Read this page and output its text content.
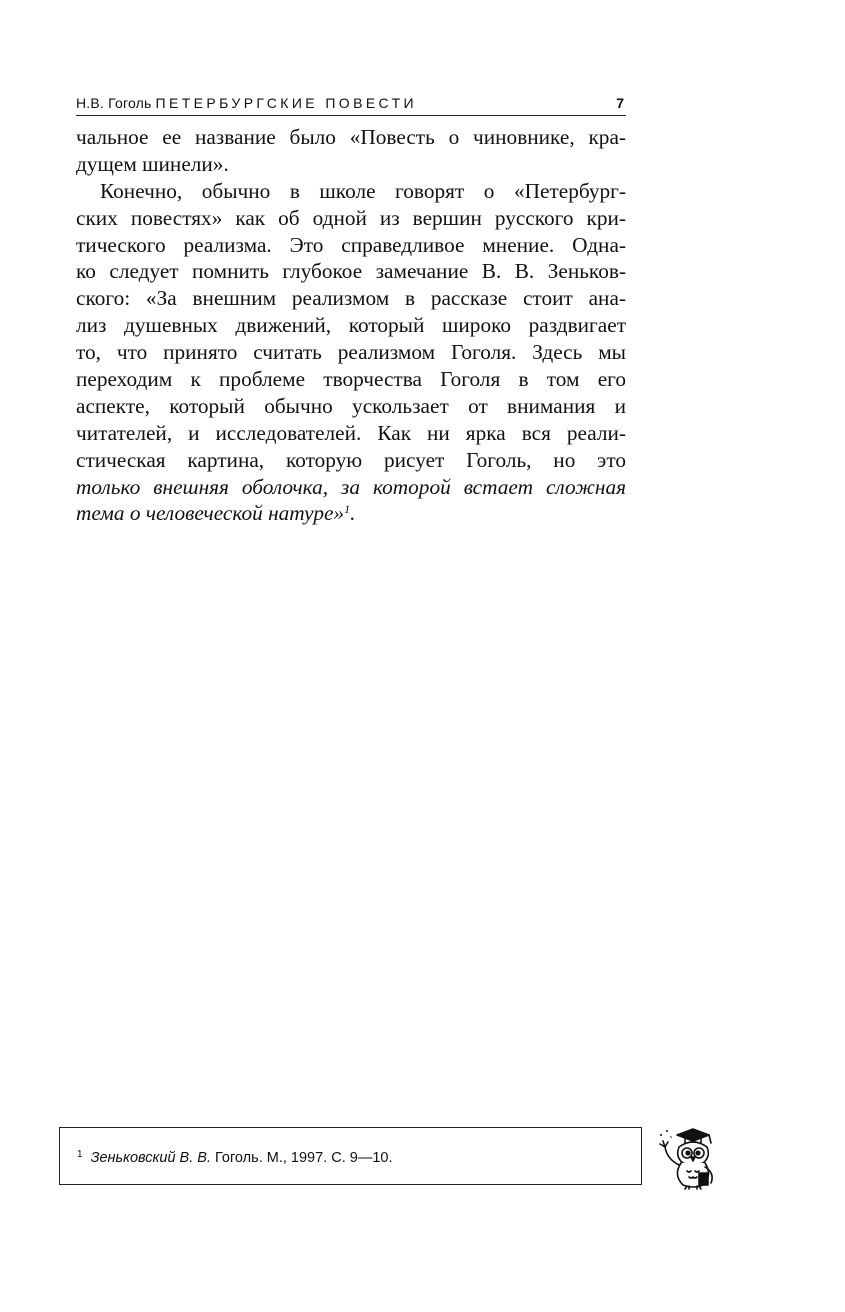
Н.В. Гоголь ПЕТЕРБУРГСКИЕ ПОВЕСТИ	7
чальное ее название было «Повесть о чиновнике, кра-
дущем шинели».
Конечно, обычно в школе говорят о «Петербург-
ских повестях» как об одной из вершин русского кри-
тического реализма. Это справедливое мнение. Одна-
ко следует помнить глубокое замечание В. В. Зеньков-
ского: «За внешним реализмом в рассказе стоит ана-
лиз душевных движений, который широко раздвигает
то, что принято считать реализмом Гоголя. Здесь мы
переходим к проблеме творчества Гоголя в том его
аспекте, который обычно ускользает от внимания и
читателей, и исследователей. Как ни ярка вся реали-
стическая картина, которую рисует Гоголь, но это
только внешняя оболочка, за которой встает сложная
тема о человеческой натуре»$^1$.
$^1$ Зеньковский В. В. Гоголь. М., 1997. С. 9—10.
